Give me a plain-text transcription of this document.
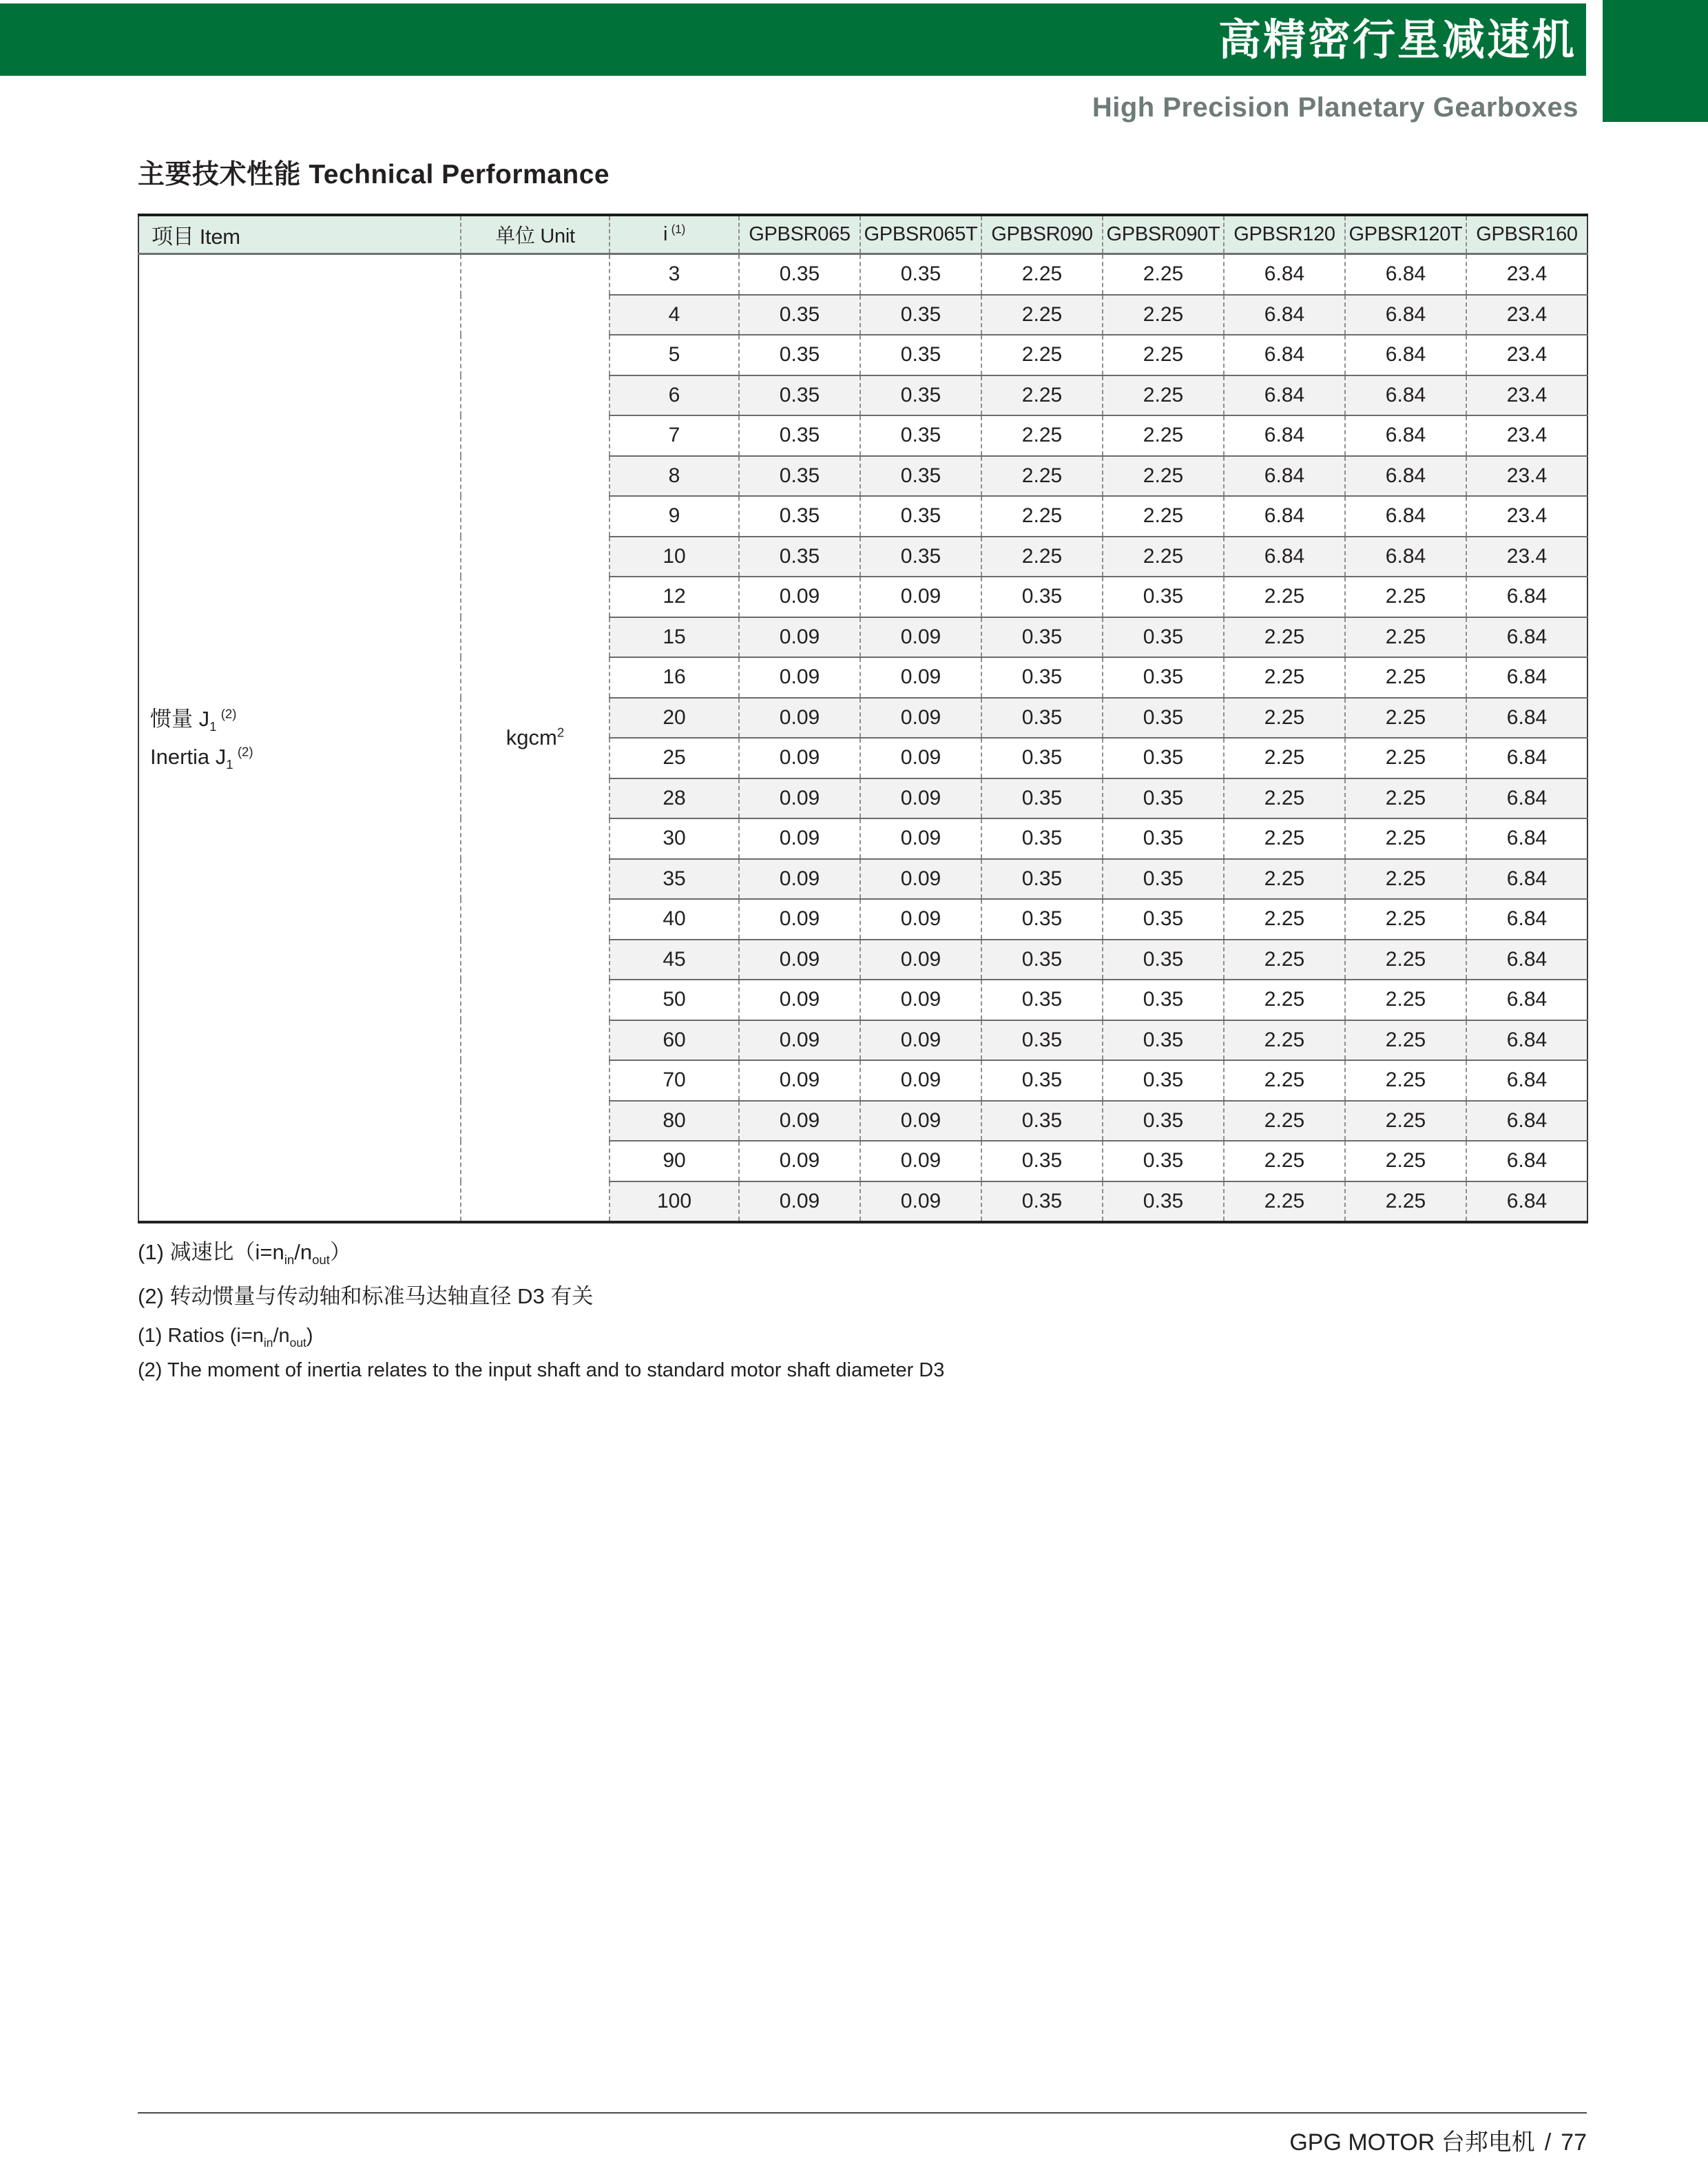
高精密行星减速机
High Precision Planetary Gearboxes
主要技术性能 Technical Performance
项目 Item	单位 Unit	i  $^{(1)}$	GPBSR065	GPBSR065T	GPBSR090	GPBSR090T	GPBSR120	GPBSR120T	GPBSR160

惯量 $J_1$ $^{(2)}$
Inertia $J_1$ $^{(2)}$	kgcm$^2$	3	0.35	0.35	2.25	2.25	6.84	6.84	23.4
		4	0.35	0.35	2.25	2.25	6.84	6.84	23.4
		5	0.35	0.35	2.25	2.25	6.84	6.84	23.4
		6	0.35	0.35	2.25	2.25	6.84	6.84	23.4
		7	0.35	0.35	2.25	2.25	6.84	6.84	23.4
		8	0.35	0.35	2.25	2.25	6.84	6.84	23.4
		9	0.35	0.35	2.25	2.25	6.84	6.84	23.4
		10	0.35	0.35	2.25	2.25	6.84	6.84	23.4
		12	0.09	0.09	0.35	0.35	2.25	2.25	6.84
		15	0.09	0.09	0.35	0.35	2.25	2.25	6.84
		16	0.09	0.09	0.35	0.35	2.25	2.25	6.84
		20	0.09	0.09	0.35	0.35	2.25	2.25	6.84
		25	0.09	0.09	0.35	0.35	2.25	2.25	6.84
		28	0.09	0.09	0.35	0.35	2.25	2.25	6.84
		30	0.09	0.09	0.35	0.35	2.25	2.25	6.84
		35	0.09	0.09	0.35	0.35	2.25	2.25	6.84
		40	0.09	0.09	0.35	0.35	2.25	2.25	6.84
		45	0.09	0.09	0.35	0.35	2.25	2.25	6.84
		50	0.09	0.09	0.35	0.35	2.25	2.25	6.84
		60	0.09	0.09	0.35	0.35	2.25	2.25	6.84
		70	0.09	0.09	0.35	0.35	2.25	2.25	6.84
		80	0.09	0.09	0.35	0.35	2.25	2.25	6.84
		90	0.09	0.09	0.35	0.35	2.25	2.25	6.84
		100	0.09	0.09	0.35	0.35	2.25	2.25	6.84
(1) 减速比$(i=n_{in}/n_{out})$
(2) 转动惯量与传动轴和标准马达轴直径 D3 有关
(1) Ratios $(i=n_{in}/n_{out})$
(2) The moment of inertia relates to the input shaft and to standard motor shaft diameter D3
GPG MOTOR 台邦电机 / 77
